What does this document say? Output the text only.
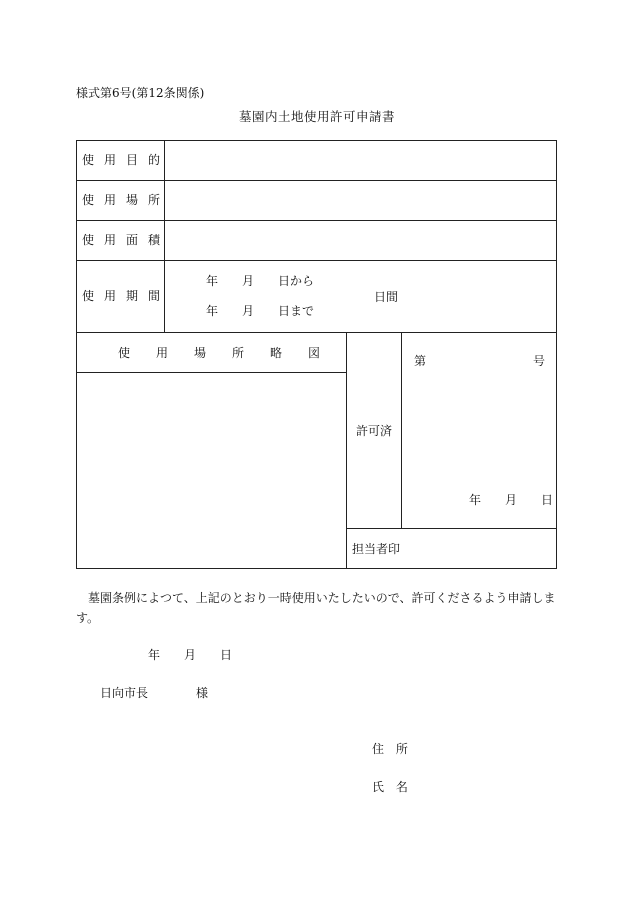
様式第6号(第12条関係)
墓園内土地使用許可申請書
使用目的
使用場所
使用面積
使用期間
年 月 日から
年 月 日まで
日間
使用場所略図
許可済
第	号
年 月 日
担当者印
墓園条例によつて、上記のとおり一時使用いたしたいので、許可くださるよう申請しま
す。
年 月 日
日向市長	様
住 所
氏 名
